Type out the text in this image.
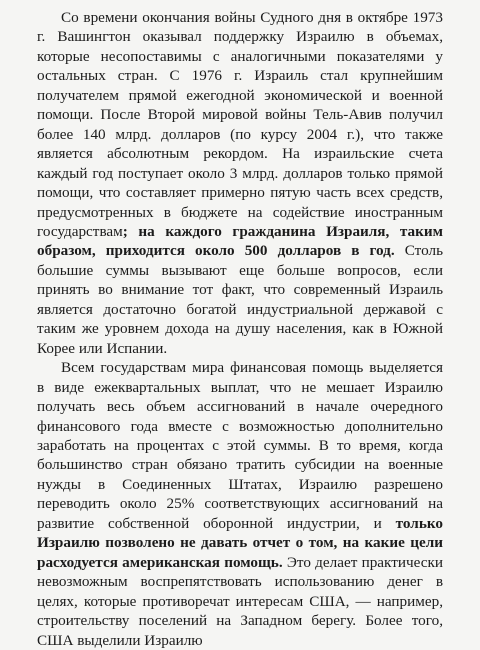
Со времени окончания войны Судного дня в октябре 1973 г. Вашингтон оказывал поддержку Израилю в объемах, которые несопоставимы с аналогичными показателями у остальных стран. С 1976 г. Израиль стал крупнейшим получателем прямой ежегодной экономической и военной помощи. После Второй мировой войны Тель-Авив получил более 140 млрд. долларов (по курсу 2004 г.), что также является абсолютным рекордом. На израильские счета каждый год поступает около 3 млрд. долларов только прямой помощи, что составляет примерно пятую часть всех средств, предусмотренных в бюджете на содействие иностранным государствам; на каждого гражданина Израиля, таким образом, приходится около 500 долларов в год. Столь большие суммы вызывают еще больше вопросов, если принять во внимание тот факт, что современный Израиль является достаточно богатой индустриальной державой с таким же уровнем дохода на душу населения, как в Южной Корее или Испании.

Всем государствам мира финансовая помощь выделяется в виде ежеквартальных выплат, что не мешает Израилю получать весь объем ассигнований в начале очередного финансового года вместе с возможностью дополнительно заработать на процентах с этой суммы. В то время, когда большинство стран обязано тратить субсидии на военные нужды в Соединенных Штатах, Израилю разрешено переводить около 25% соответствующих ассигнований на развитие собственной оборонной индустрии, и только Израилю позволено не давать отчет о том, на какие цели расходуется американская помощь. Это делает практически невозможным воспрепятствовать использованию денег в целях, которые противоречат интересам США, — например, строительству поселений на Западном берегу. Более того, США выделили Израилю
